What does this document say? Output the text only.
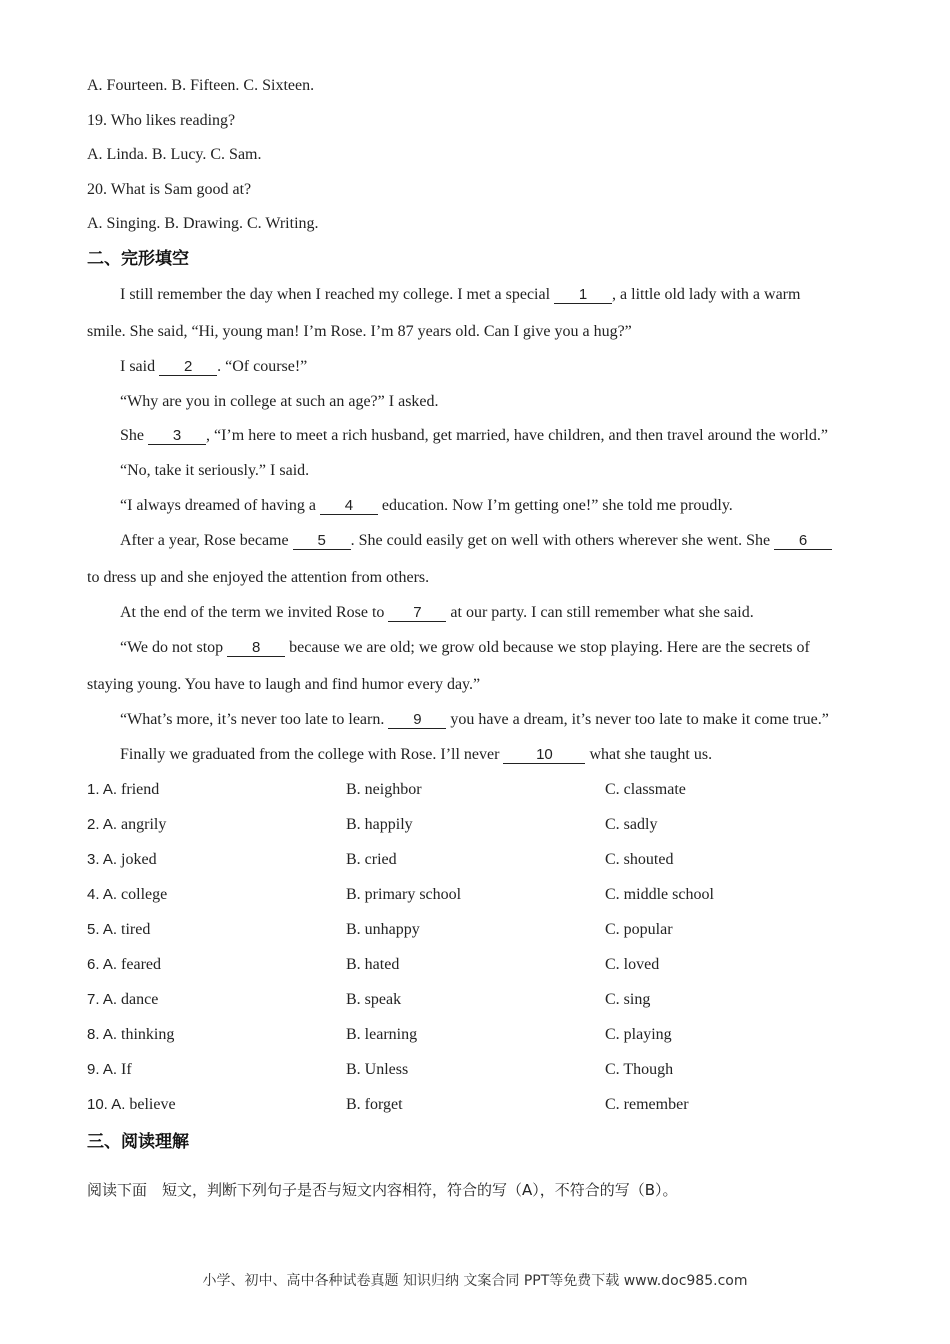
A. Fourteen. B. Fifteen. C. Sixteen.
19. Who likes reading?
A. Linda. B. Lucy. C. Sam.
20. What is Sam good at?
A. Singing. B. Drawing. C. Writing.
二、完形填空
I still remember the day when I reached my college. I met a special 1 , a little old lady with a warm
smile. She said, “Hi, young man! I’m Rose. I’m 87 years old. Can I give you a hug?”
I said 2 . “Of course!”
“Why are you in college at such an age?” I asked.
She 3 , “I’m here to meet a rich husband, get married, have children, and then travel around the world.”
“No, take it seriously.” I said.
“I always dreamed of having a 4 education. Now I’m getting one!” she told me proudly.
After a year, Rose became 5 . She could easily get on well with others wherever she went. She 6
to dress up and she enjoyed the attention from others.
At the end of the term we invited Rose to 7 at our party. I can still remember what she said.
“We do not stop 8 because we are old; we grow old because we stop playing. Here are the secrets of
staying young. You have to laugh and find humor every day.”
“What’s more, it’s never too late to learn. 9 you have a dream, it’s never too late to make it come true.”
Finally we graduated from the college with Rose. I’ll never 10 what she taught us.
1. A. friend	B. neighbor	C. classmate
2. A. angrily	B. happily	C. sadly
3. A. joked	B. cried	C. shouted
4. A. college	B. primary school	C. middle school
5. A. tired	B. unhappy	C. popular
6. A. feared	B. hated	C. loved
7. A. dance	B. speak	C. sing
8. A. thinking	B. learning	C. playing
9. A. If	B. Unless	C. Though
10. A. believe	B. forget	C. remember
三、阅读理解
阅读下面　短文，判断下列句子是否与短文内容相符，符合的写（A），不符合的写（B）。
小学、初中、高中各种试卷真题 知识归纳 文案合同 PPT等免费下载 www.doc985.com
